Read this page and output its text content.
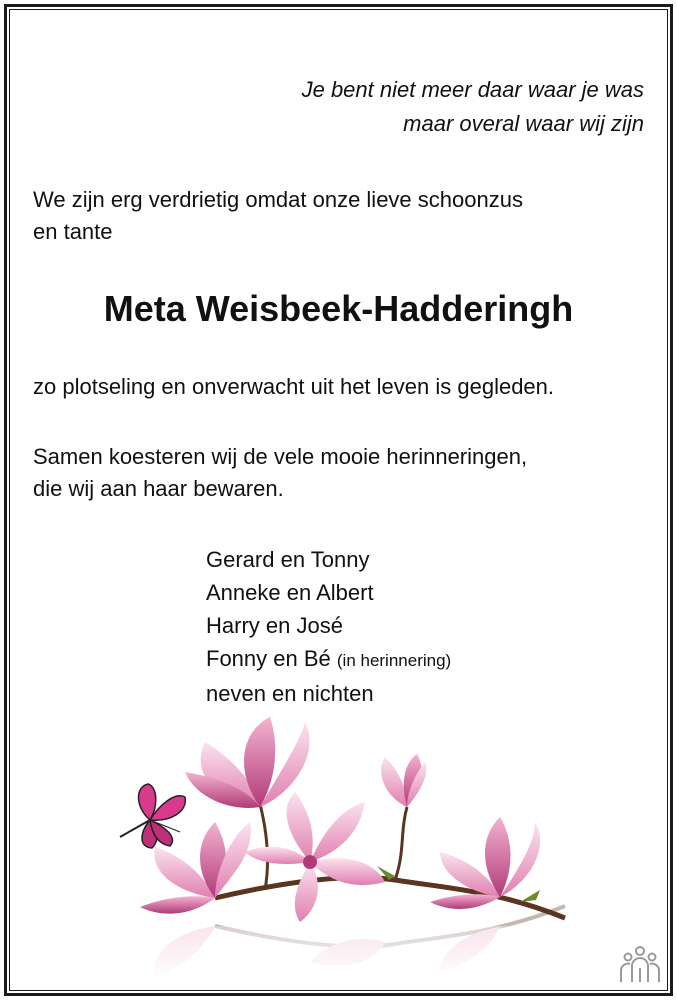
Je bent niet meer daar waar je was
maar overal waar wij zijn
We zijn erg verdrietig omdat onze lieve schoonzus
en tante
Meta Weisbeek-Hadderingh
zo plotseling en onverwacht uit het leven is gegleden.
Samen koesteren wij de vele mooie herinneringen,
die wij aan haar bewaren.
Gerard en Tonny
Anneke en Albert
Harry en José
Fonny en Bé (in herinnering)
neven en nichten
